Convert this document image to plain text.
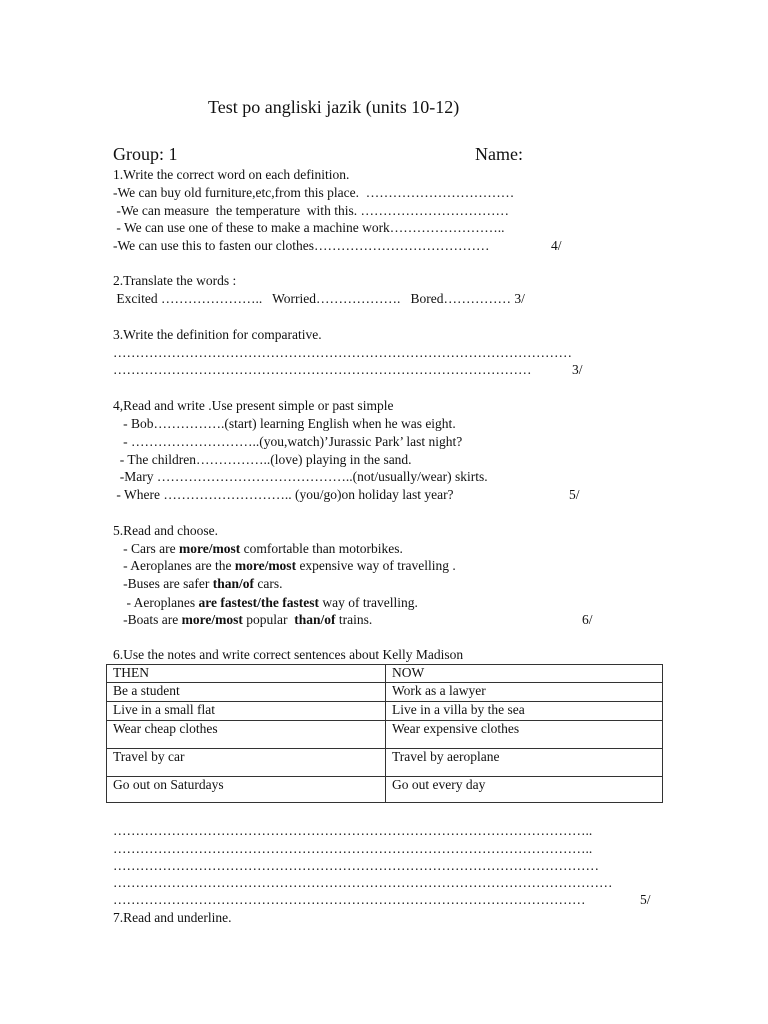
Test po angliski jazik (units 10-12)
Group: 1	Name:
1.Write the correct word on each definition.
-We can buy old furniture,etc,from this place.  ……………………………
-We can measure  the temperature  with this. ……………………………
- We can use one of these to make a machine work……………………..
-We can use this to fasten our clothes…………………………………	4/
2.Translate the words :
Excited …………………..   Worried……………….   Bored…………… 3/
3.Write the definition for comparative.
…………………………………………………………………………………………
…………………………………………………………………………………	3/
4,Read and write .Use present simple or past simple
- Bob…………….(start) learning English when he was eight.
- ………………………..(you,watch)’Jurassic Park’ last night?
- The children……………..(love) playing in the sand.
-Mary ……………………………………..(not/usually/wear) skirts.
- Where ……………………….. (you/go)on holiday last year?	5/
5.Read and choose.
- Cars are more/most comfortable than motorbikes.
- Aeroplanes are the more/most expensive way of travelling .
-Buses are safer than/of cars.
- Aeroplanes are fastest/the fastest way of travelling.
-Boats are more/most popular  than/of trains.	6/
6.Use the notes and write correct sentences about Kelly Madison
THEN	NOW
Be a student	Work as a lawyer
Live in a small flat	Live in a villa by the sea
Wear cheap clothes	Wear expensive clothes
Travel by car	Travel by aeroplane
Go out on Saturdays	Go out every day
……………………………………………………………………………………………..
……………………………………………………………………………………………..
………………………………………………………………………………………………
…………………………………………………………………………………………………
……………………………………………………………………………………………	5/
7.Read and underline.
